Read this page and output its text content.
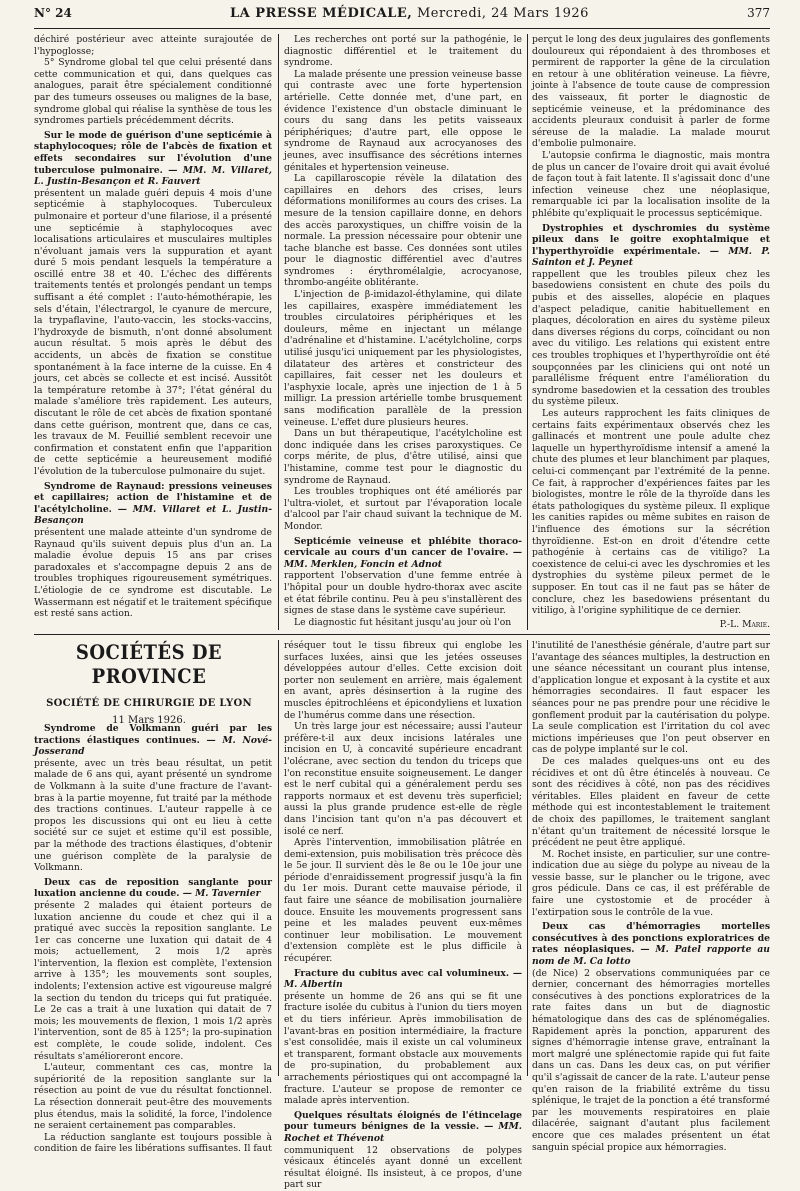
N° 24	LA PRESSE MÉDICALE, Mercredi, 24 Mars 1926	377

déchiré postérieur avec atteinte surajoutée de l'hypoglosse;

5° Syndrome global tel que celui présenté dans cette communication et qui, dans quelques cas analogues, parait être spécialement conditionné par des tumeurs osseuses ou malignes de la base, syndrome global qui réalise la synthèse de tous les syndromes partiels précédemment décrits.

Sur le mode de guérison d'une septicémie à staphylocoques; rôle de l'abcès de fixation et effets secondaires sur l'évolution d'une tuberculose pulmonaire. — MM. M. Villaret, L. Justin-Besançon et R. Fauvert

présentent un malade guéri depuis 4 mois d'une septicémie à staphylocoques. Tuberculeux pulmonaire et porteur d'une filariose, il a présenté une septicémie à staphylocoques avec localisations articulaires et musculaires multiples n'évoluant jamais vers la suppuration et ayant duré 5 mois pendant lesquels la température a oscillé entre 38 et 40. L'échec des différents traitements tentés et prolongés pendant un temps suffisant a été complet : l'auto-hémothérapie, les sels d'étain, l'électrargol, le cyanure de mercure, la trypaflavine, l'auto-vaccin, les stocks-vaccins, l'hydroxyde de bismuth, n'ont donné absolument aucun résultat. 5 mois après le début des accidents, un abcès de fixation se constitue spontanément à la face interne de la cuisse. En 4 jours, cet abcès se collecte et est incisé. Aussitôt la température retombe à 37°; l'état général du malade s'améliore très rapidement. Les auteurs, discutant le rôle de cet abcès de fixation spontané dans cette guérison, montrent que, dans ce cas, les travaux de M. Feuillié semblent recevoir une confirmation et constatent enfin que l'apparition de cette septicémie a heureusement modifié l'évolution de la tuberculose pulmonaire du sujet.

Syndrome de Raynaud: pressions veineuses et capillaires; action de l'histamine et de l'acétylcholine. — MM. Villaret et L. Justin-Besançon

présentent une malade atteinte d'un syndrome de Raynaud qu'ils suivent depuis plus d'un an. La maladie évolue depuis 15 ans par crises paradoxales et s'accompagne depuis 2 ans de troubles trophiques rigoureusement symétriques. L'étiologie de ce syndrome est discutable. Le Wassermann est négatif et le traitement spécifique est resté sans action.

Les recherches ont porté sur la pathogénie, le diagnostic différentiel et le traitement du syndrome.

La malade présente une pression veineuse basse qui contraste avec une forte hypertension artérielle. Cette donnée met, d'une part, en évidence l'existence d'un obstacle diminuant le cours du sang dans les petits vaisseaux périphériques; d'autre part, elle oppose le syndrome de Raynaud aux acrocyanoses des jeunes, avec insuffisance des sécrétions internes génitales et hypertension veineuse.

La capillaroscopie révèle la dilatation des capillaires en dehors des crises, leurs déformations moniliformes au cours des crises. La mesure de la tension capillaire donne, en dehors des accès paroxystiques, un chiffre voisin de la normale. La pression nécessaire pour obtenir une tache blanche est basse. Ces données sont utiles pour le diagnostic différentiel avec d'autres syndromes : érythromélalgie, acrocyanose, thrombo-angéite oblitérante.

L'injection de β-imidazol-éthylamine, qui dilate les capillaires, exaspère immédiatement les troubles circulatoires périphériques et les douleurs, même en injectant un mélange d'adrénaline et d'histamine. L'acétylcholine, corps utilisé jusqu'ici uniquement par les physiologistes, dilatateur des artères et constricteur des capillaires, fait cesser net les douleurs et l'asphyxie locale, après une injection de 1 à 5 milligr. La pression artérielle tombe brusquement sans modification parallèle de la pression veineuse. L'effet dure plusieurs heures.

Dans un but thérapeutique, l'acétylcholine est donc indiquée dans les crises paroxystiques. Ce corps mérite, de plus, d'être utilisé, ainsi que l'histamine, comme test pour le diagnostic du syndrome de Raynaud.

Les troubles trophiques ont été améliorés par l'ultra-violet, et surtout par l'évaporation locale d'alcool par l'air chaud suivant la technique de M. Mondor.

Septicémie veineuse et phlébite thoraco-cervicale au cours d'un cancer de l'ovaire. — MM. Merklen, Foncin et Adnot

rapportent l'observation d'une femme entrée à l'hôpital pour un double hydro-thorax avec ascite et état fébrile continu. Peu à peu s'installèrent des signes de stase dans le système cave supérieur.

Le diagnostic fut hésitant jusqu'au jour où l'on

perçut le long des deux jugulaires des gonflements douloureux qui répondaient à des thromboses et permirent de rapporter la gêne de la circulation en retour à une oblitération veineuse. La fièvre, jointe à l'absence de toute cause de compression des vaisseaux, fit porter le diagnostic de septicémie veineuse, et la prédominance des accidents pleuraux conduisit à parler de forme séreuse de la maladie. La malade mourut d'embolie pulmonaire.

L'autopsie confirma le diagnostic, mais montra de plus un cancer de l'ovaire droit qui avait évolué de façon tout à fait latente. Il s'agissait donc d'une infection veineuse chez une néoplasique, remarquable ici par la localisation insolite de la phlébite qu'expliquait le processus septicémique.

Dystrophies et dyschromies du système pileux dans le goitre exophtalmique et l'hyperthyroïdie expérimentale. — MM. P. Sainton et J. Peynet

rappellent que les troubles pileux chez les basedowiens consistent en chute des poils du pubis et des aisselles, alopécie en plaques d'aspect peladique, canitie habituellement en plaques, décoloration en aires du système pileux dans diverses régions du corps, coïncidant ou non avec du vitiligo. Les relations qui existent entre ces troubles trophiques et l'hyperthyroïdie ont été soupçonnées par les cliniciens qui ont noté un parallélisme fréquent entre l'amélioration du syndrome basedowien et la cessation des troubles du système pileux.

Les auteurs rapprochent les faits cliniques de certains faits expérimentaux observés chez les gallinacés et montrent une poule adulte chez laquelle un hyperthyroïdisme intensif a amené la chute des plumes et leur blanchiment par plaques, celui-ci commençant par l'extrémité de la penne. Ce fait, à rapprocher d'expériences faites par les biologistes, montre le rôle de la thyroïde dans les états pathologiques du système pileux. Il explique les canities rapides ou même subites en raison de l'influence des émotions sur la sécrétion thyroïdienne. Est-on en droit d'étendre cette pathogénie à certains cas de vitiligo? La coexistence de celui-ci avec les dyschromies et les dystrophies du système pileux permet de le supposer. En tout cas il ne faut pas se hâter de conclure, chez les basedowiens présentant du vitiligo, à l'origine syphilitique de ce dernier.

P.-L. Marie.

SOCIÉTÉS DE PROVINCE
SOCIÉTÉ DE CHIRURGIE DE LYON
11 Mars 1926.

Syndrome de Volkmann guéri par les tractions élastiques continues. — M. Nové-Josserand

présente, avec un très beau résultat, un petit malade de 6 ans qui, ayant présenté un syndrome de Volkmann à la suite d'une fracture de l'avant-bras à la partie moyenne, fut traité par la méthode des tractions continues. L'auteur rappelle à ce propos les discussions qui ont eu lieu à cette société sur ce sujet et estime qu'il est possible, par la méthode des tractions élastiques, d'obtenir une guérison complète de la paralysie de Volkmann.

Deux cas de reposition sanglante pour luxation ancienne du coude. — M. Tavernier

présente 2 malades qui étaient porteurs de luxation ancienne du coude et chez qui il a pratiqué avec succès la reposition sanglante. Le 1er cas concerne une luxation qui datait de 4 mois; actuellement, 2 mois 1/2 après l'intervention, la flexion est complète, l'extension arrive à 135°; les mouvements sont souples, indolents; l'extension active est vigoureuse malgré la section du tendon du triceps qui fut pratiquée. Le 2e cas a trait à une luxation qui datait de 7 mois; les mouvements de flexion, 1 mois 1/2 après l'intervention, sont de 85 à 125°; la pro-supination est complète, le coude solide, indolent. Ces résultats s'amélioreront encore.

L'auteur, commentant ces cas, montre la supériorité de la reposition sanglante sur la résection au point de vue du résultat fonctionnel. La résection donnerait peut-être des mouvements plus étendus, mais la solidité, la force, l'indolence ne seraient certainement pas comparables.

La réduction sanglante est toujours possible à condition de faire les libérations suffisantes. Il faut

réséquer tout le tissu fibreux qui englobe les surfaces luxées, ainsi que les jetées osseuses développées autour d'elles. Cette excision doit porter non seulement en arrière, mais également en avant, après désinsertion à la rugine des muscles épitrochléens et épicondyliens et luxation de l'humérus comme dans une résection.

Un très large jour est nécessaire; aussi l'auteur préfère-t-il aux deux incisions latérales une incision en U, à concavité supérieure encadrant l'olécrane, avec section du tendon du triceps que l'on reconstitue ensuite soigneusement. Le danger est le nerf cubital qui a généralement perdu ses rapports normaux et est devenu très superficiel; aussi la plus grande prudence est-elle de règle dans l'incision tant qu'on n'a pas découvert et isolé ce nerf.

Après l'intervention, immobilisation plâtrée en demi-extension, puis mobilisation très précoce dès le 5e jour. Il survient dès le 8e ou le 10e jour une période d'enraidissement progressif jusqu'à la fin du 1er mois. Durant cette mauvaise période, il faut faire une séance de mobilisation journalière douce. Ensuite les mouvements progressent sans peine et les malades peuvent eux-mêmes continuer leur mobilisation. Le mouvement d'extension complète est le plus difficile à récupérer.

Fracture du cubitus avec cal volumineux. — M. Albertin

présente un homme de 26 ans qui se fit une fracture isolée du cubitus à l'union du tiers moyen et du tiers inférieur. Après immobilisation de l'avant-bras en position intermédiaire, la fracture s'est consolidée, mais il existe un cal volumineux et transparent, formant obstacle aux mouvements de pro-supination, du probablement aux arrachements périostiques qui ont accompagné la fracture. L'auteur se propose de remonter ce malade après intervention.

Quelques résultats éloignés de l'étincelage pour tumeurs bénignes de la vessie. — MM. Rochet et Thévenot

communiquent 12 observations de polypes vésicaux étincelés ayant donné un excellent résultat éloigné. Ils insisteut, à ce propos, d'une part sur

l'inutilité de l'anesthésie générale, d'autre part sur l'avantage des séances multiples, la destruction en une séance nécessitant un courant plus intense, d'application longue et exposant à la cystite et aux hémorragies secondaires. Il faut espacer les séances pour ne pas prendre pour une récidive le gonflement produit par la cautérisation du polype. La seule complication est l'irritation du col avec mictions impérieuses que l'on peut observer en cas de polype implanté sur le col.

De ces malades quelques-uns ont eu des récidives et ont dû être étincelés à nouveau. Ce sont des récidives à côté, non pas des récidives véritables. Elles plaident en faveur de cette méthode qui est incontestablement le traitement de choix des papillomes, le traitement sanglant n'étant qu'un traitement de nécessité lorsque le précédent ne peut être appliqué.

M. Rochet insiste, en particulier, sur une contre-indication due au siège du polype au niveau de la vessie basse, sur le plancher ou le trigone, avec gros pédicule. Dans ce cas, il est préférable de faire une cystostomie et de procéder à l'extirpation sous le contrôle de la vue.

Deux cas d'hémorragies mortelles consécutives à des ponctions exploratrices de rates néoplasiques. — M. Patel rapporte au nom de M. Ca lotto

(de Nice) 2 observations communiquées par ce dernier, concernant des hémorragies mortelles consécutives à des ponctions exploratrices de la rate faites dans un but de diagnostic hématologique dans des cas de splénomégalies. Rapidement après la ponction, apparurent des signes d'hémorragie intense grave, entraînant la mort malgré une splénectomie rapide qui fut faite dans un cas. Dans les deux cas, on put vérifier qu'il s'agissait de cancer de la rate. L'auteur pense qu'en raison de la friabilité extrême du tissu splénique, le trajet de la ponction a été transformé par les mouvements respiratoires en plaie dilacérée, saignant d'autant plus facilement encore que ces malades présentent un état sanguin spécial propice aux hémorragies.
